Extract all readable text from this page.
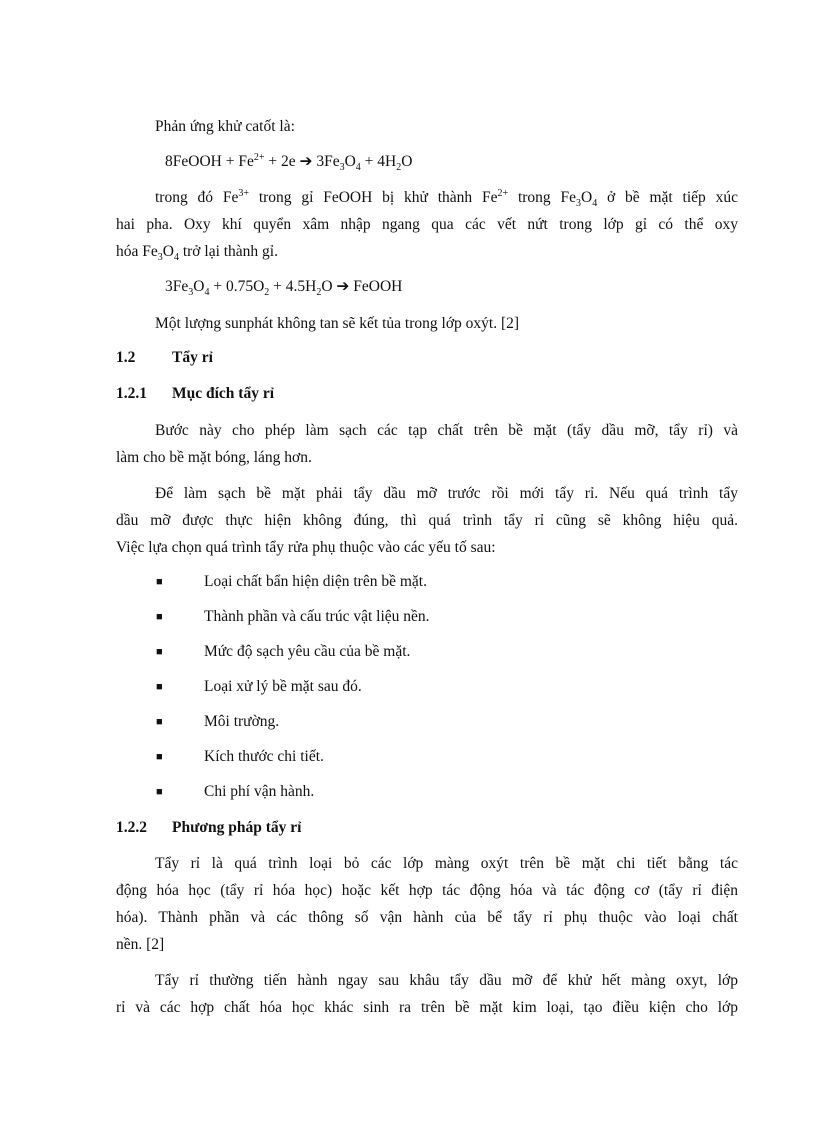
Phản ứng khử catốt là:
8FeOOH + $Fe^{2+} + 2e$ ➔ $3Fe_3O_4 + 4H_2O$
trong đó $Fe^{3+}$ trong gỉ FeOOH bị khử thành $Fe^{2+}$ trong $Fe_3O_4$ ở bề mặt tiếp xúc
hai pha. Oxy khí quyển xâm nhập ngang qua các vết nứt trong lớp gỉ có thể oxy
hóa $Fe_3O_4$ trở lại thành gỉ.
$3Fe_3O_4 + 0.75O_2 + 4.5H_2O$ ➔ FeOOH
Một lượng sunphát không tan sẽ kết tủa trong lớp oxýt. [2]
1.2 Tẩy rỉ
1.2.1 Mục đích tẩy rỉ
Bước này cho phép làm sạch các tạp chất trên bề mặt (tẩy dầu mỡ, tẩy rỉ) và
làm cho bề mặt bóng, láng hơn.
Để làm sạch bề mặt phải tẩy dầu mỡ trước rồi mới tẩy rỉ. Nếu quá trình tẩy
dầu mỡ được thực hiện không đúng, thì quá trình tẩy rỉ cũng sẽ không hiệu quả.
Việc lựa chọn quá trình tẩy rửa phụ thuộc vào các yếu tố sau:
■	Loại chất bẩn hiện diện trên bề mặt.
■	Thành phần và cấu trúc vật liệu nền.
■	Mức độ sạch yêu cầu của bề mặt.
■	Loại xử lý bề mặt sau đó.
■	Môi trường.
■	Kích thước chi tiết.
■	Chi phí vận hành.
1.2.2 Phương pháp tẩy rỉ
Tẩy rỉ là quá trình loại bỏ các lớp màng oxýt trên bề mặt chi tiết bằng tác
động hóa học (tẩy rỉ hóa học) hoặc kết hợp tác động hóa và tác động cơ (tẩy rỉ điện
hóa). Thành phần và các thông số vận hành của bể tẩy rỉ phụ thuộc vào loại chất
nền. [2]
Tẩy rỉ thường tiến hành ngay sau khâu tẩy dầu mỡ để khử hết màng oxyt, lớp
rỉ và các hợp chất hóa học khác sinh ra trên bề mặt kim loại, tạo điều kiện cho lớp
